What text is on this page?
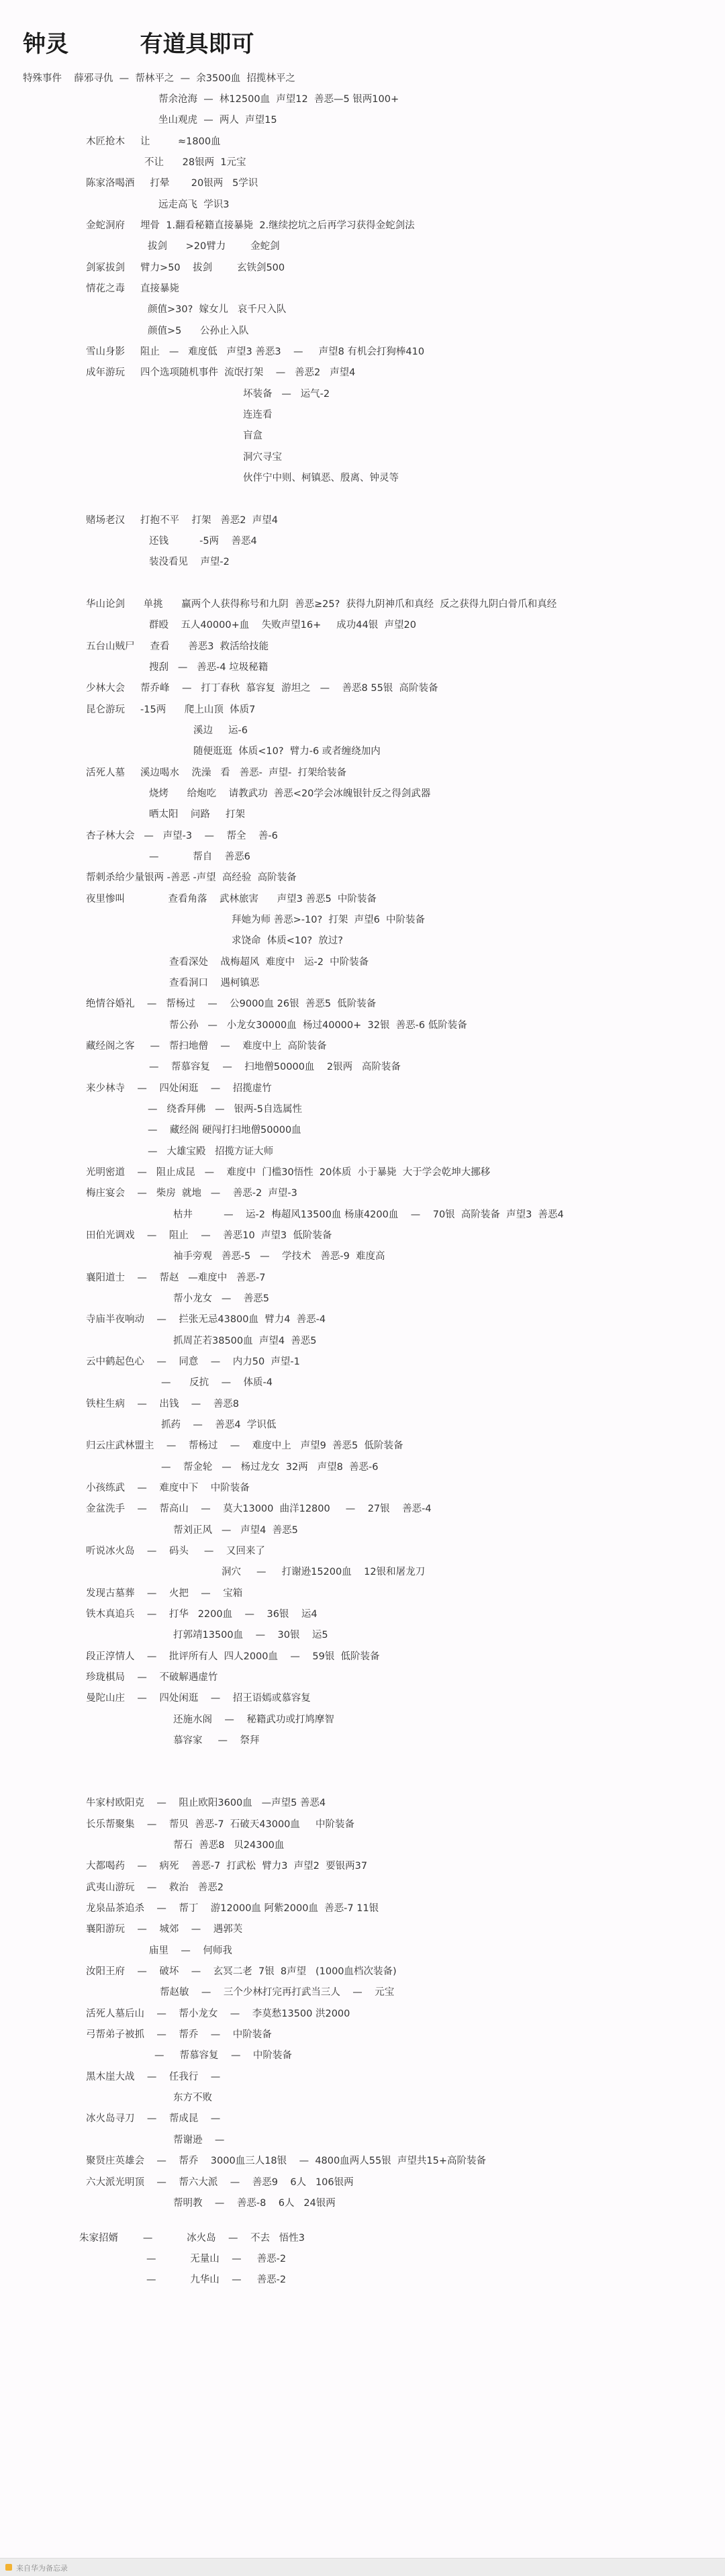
钟灵         有道具即可
特殊事件    薛邪寻仇  —  帮林平之  —  余3500血  招揽林平之
帮余沧海  —  林12500血  声望12  善恶—5 银两100+
坐山观虎  —  两人  声望15
木匠抢木     让         ≈1800血
不让      28银两  1元宝
陈家洛喝酒     打晕       20银两   5学识
远走高飞  学识3
金蛇洞府     埋骨  1.翻看秘籍直接暴毙  2.继续挖坑之后再学习获得金蛇剑法
拔剑      >20臂力        金蛇剑
剑冢拔剑     臂力>50    拔剑        玄铁剑500
情花之毒     直接暴毙
颜值>30?  嫁女儿   哀千尺入队
颜值>5      公孙止入队
雪山身影     阻止   —   难度低   声望3 善恶3    —     声望8 有机会打狗棒410
成年游玩     四个选项随机事件  流氓打架    —   善恶2   声望4
坏装备   —   运气-2
连连看
盲盒
洞穴寻宝
伙伴宁中则、柯镇恶、殷离、钟灵等
赌场老汉     打抱不平    打架   善恶2  声望4
还钱          -5两    善恶4
装没看见    声望-2
华山论剑      单挑      赢两个人获得称号和九阴  善恶≥25?  获得九阴神爪和真经  反之获得九阴白骨爪和真经
群殴    五人40000+血    失败声望16+     成功44银  声望20
五台山贼尸     查看      善恶3  救活给技能
搜刮   —   善恶-4 垃圾秘籍
少林大会     帮乔峰    —   打丁春秋  慕容复  游坦之   —    善恶8 55银  高阶装备
昆仑游玩     -15两      爬上山顶  体质7
溪边     运-6
随便逛逛  体质<10?  臂力-6 或者缠绕加内
活死人墓     溪边喝水    洗澡   看   善恶-  声望-  打架给装备
烧烤      给炮吃    请教武功  善恶<20学会冰魄银针反之得剑武器
晒太阳    问路     打架
杏子林大会   —   声望-3    —    帮全    善-6
—           帮自    善恶6
帮刺杀给少量银两 -善恶 -声望  高经验  高阶装备
夜里惨叫              查看角落    武林旅害      声望3 善恶5  中阶装备
拜她为师 善恶>-10?  打架  声望6  中阶装备
求饶命  体质<10?  放过?
查看深处    战梅超风  难度中   运-2  中阶装备
查看洞口    遇柯镇恶
绝情谷婚礼    —   帮杨过    —    公9000血 26银  善恶5  低阶装备
帮公孙   —   小龙女30000血  杨过40000+  32银  善恶-6 低阶装备
藏经阁之客     —   帮扫地僧    —    难度中上  高阶装备
—    帮慕容复    —    扫地僧50000血    2银两   高阶装备
来少林寺    —    四处闲逛    —    招揽虚竹
—   绕香拜佛   —   银两-5自选属性
—    藏经阁 硬闯打扫地僧50000血
—   大雄宝殿   招揽方证大师
光明密道    —   阻止成昆   —    难度中  门槛30悟性  20体质  小于暴毙  大于学会乾坤大挪移
梅庄宴会    —   柴房  就地   —    善恶-2  声望-3
枯井          —    运-2  梅超风13500血 杨康4200血    —    70银  高阶装备  声望3  善恶4
田伯光调戏    —    阻止    —    善恶10  声望3  低阶装备
袖手旁观   善恶-5   —    学技术   善恶-9  难度高
襄阳道士    —    帮赵   —难度中   善恶-7
帮小龙女   —    善恶5
寺庙半夜响动    —    拦张无忌43800血  臂力4  善恶-4
抓周芷若38500血  声望4  善恶5
云中鹤起色心    —    同意    —    内力50  声望-1
—      反抗    —    体质-4
铁柱生病    —    出钱    —    善恶8
抓药    —    善恶4  学识低
归云庄武林盟主    —    帮杨过    —    难度中上   声望9  善恶5  低阶装备
—    帮金轮   —   杨过龙女  32两   声望8  善恶-6
小孩练武    —    难度中下    中阶装备
金盆洗手    —    帮高山    —    莫大13000  曲洋12800     —    27银    善恶-4
帮刘正风   —   声望4  善恶5
听说冰火岛    —    码头     —    又回来了
洞穴     —     打谢逊15200血    12银和屠龙刀
发现古墓葬    —    火把    —    宝箱
铁木真追兵    —    打华   2200血    —    36银    运4
打郭靖13500血    —    30银    运5
段正淳情人    —    批评所有人  四人2000血    —    59银  低阶装备
珍珑棋局    —    不破解遇虚竹
曼陀山庄    —    四处闲逛    —    招王语嫣或慕容复
还施水阁    —    秘籍武功或打鸠摩智
慕容家     —    祭拜
牛家村欧阳克    —    阻止欧阳3600血   —声望5 善恶4
长乐帮聚集    —    帮贝  善恶-7  石破天43000血     中阶装备
帮石  善恶8   贝24300血
大都喝药    —    病死    善恶-7  打武松  臂力3  声望2  要银两37
武夷山游玩    —    救治   善恶2
龙泉品茶追杀    —    帮丁    游12000血 阿紫2000血  善恶-7 11银
襄阳游玩    —    城郊    —    遇郭芙
庙里    —    何师我
汝阳王府    —    破坏    —    玄冥二老  7银  8声望   (1000血档次装备)
帮赵敏    —    三个少林打完再打武当三人    —    元宝
活死人墓后山    —    帮小龙女    —    李莫愁13500 洪2000
弓帮弟子被抓    —    帮乔    —    中阶装备
—     帮慕容复    —    中阶装备
黑木崖大战    —    任我行    —
东方不败
冰火岛寻刀    —    帮成昆    —
帮谢逊    —
聚贤庄英雄会    —    帮乔    3000血三人18银    —  4800血两人55银  声望共15+高阶装备
六大派光明顶    —    帮六大派    —    善恶9    6人   106银两
帮明教    —    善恶-8    6人   24银两
朱家招婿        —           冰火岛    —    不去   悟性3
—           无量山    —     善恶-2
—           九华山    —     善恶-2
来自华为备忘录
